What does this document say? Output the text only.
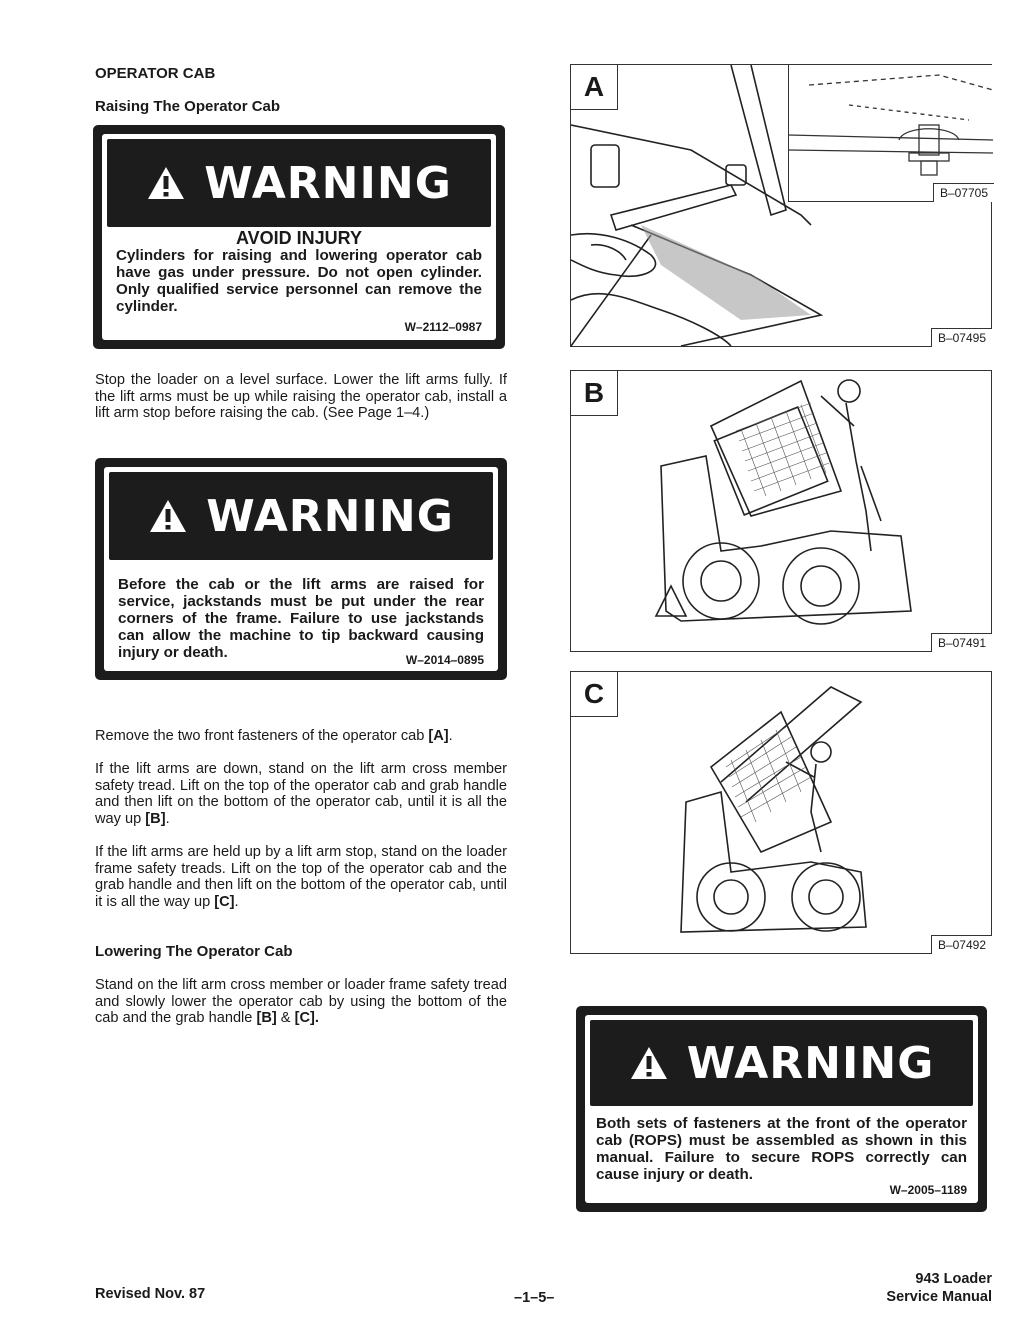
OPERATOR CAB
Raising The Operator Cab
WARNING
AVOID INJURY
Cylinders for raising and lowering operator cab have gas under pressure. Do not open cylinder. Only qualified service personnel can remove the cylinder.
W–2112–0987
Stop the loader on a level surface. Lower the lift arms fully. If the lift arms must be up while raising the operator cab, install a lift arm stop before raising the cab. (See Page 1–4.)
WARNING
Before the cab or the lift arms are raised for service, jackstands must be put under the rear corners of the frame. Failure to use jackstands can allow the machine to tip backward causing injury or death.	W–2014–0895
Remove the two front fasteners of the operator cab [A].
If the lift arms are down, stand on the lift arm cross member safety tread. Lift on the top of the operator cab and grab handle and then lift on the bottom of the operator cab, until it is all the way up [B].
If the lift arms are held up by a lift arm stop, stand on the loader frame safety treads. Lift on the top of the operator cab and the grab handle and then lift on the bottom of the operator cab, until it is all the way up [C].
Lowering The Operator Cab
Stand on the lift arm cross member or loader frame safety tread and slowly lower the operator cab by using the bottom of the cab and the grab handle [B] & [C].
A
B–07705
B–07495
B
B–07491
C
B–07492
WARNING
Both sets of fasteners at the front of the operator cab (ROPS) must be assembled as shown in this manual. Failure to secure ROPS correctly can cause injury or death.
W–2005–1189
Revised Nov. 87	–1–5–
943 Loader
Service Manual
